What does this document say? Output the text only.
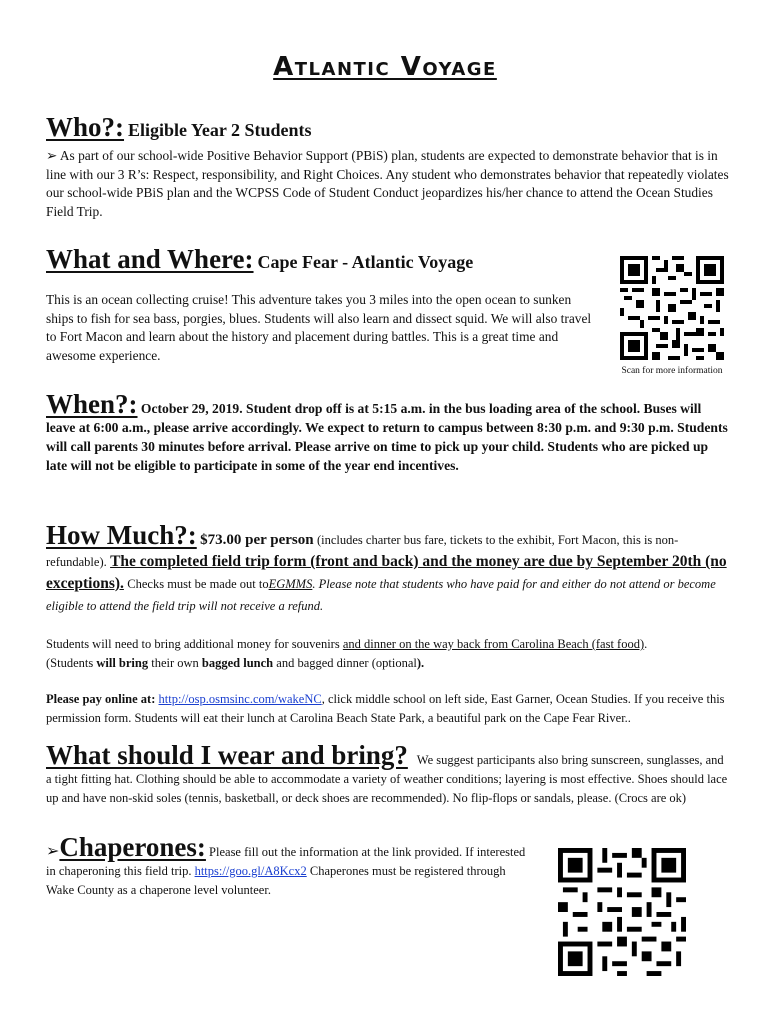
Atlantic Voyage
Who?: Eligible Year 2 Students
➢ As part of our school-wide Positive Behavior Support (PBiS) plan, students are expected to demonstrate behavior that is in line with our 3 R’s: Respect, responsibility, and Right Choices. Any student who demonstrates behavior that repeatedly violates our school-wide PBiS plan and the WCPSS Code of Student Conduct jeopardizes his/her chance to attend the Ocean Studies Field Trip.
What and Where: Cape Fear - Atlantic Voyage
This is an ocean collecting cruise! This adventure takes you 3 miles into the open ocean to sunken ships to fish for sea bass, porgies, blues. Students will also learn and dissect squid. We will also travel to Fort Macon and learn about the history and placement during battles. This is a great time and awesome experience.
Scan for more information
When?: October 29, 2019. Student drop off is at 5:15 a.m. in the bus loading area of the school. Buses will leave at 6:00 a.m., please arrive accordingly. We expect to return to campus between 8:30 p.m. and 9:30 p.m. Students will call parents 30 minutes before arrival. Please arrive on time to pick up your child. Students who are picked up late will not be eligible to participate in some of the year end incentives.
How Much?: $73.00 per person (includes charter bus fare, tickets to the exhibit, Fort Macon, this is non-refundable). The completed field trip form (front and back) and the money are due by September 20th (no exceptions). Checks must be made out toEGMMS. Please note that students who have paid for and either do not attend or become eligible to attend the field trip will not receive a refund.
Students will need to bring additional money for souvenirs and dinner on the way back from Carolina Beach (fast food).
(Students will bring their own bagged lunch and bagged dinner (optional).
Please pay online at: http://osp.osmsinc.com/wakeNC, click middle school on left side, East Garner, Ocean Studies. If you receive this permission form. Students will eat their lunch at Carolina Beach State Park, a beautiful park on the Cape Fear River..
What should I wear and bring? We suggest participants also bring sunscreen, sunglasses, and a tight fitting hat. Clothing should be able to accommodate a variety of weather conditions; layering is most effective. Shoes should lace up and have non-skid soles (tennis, basketball, or deck shoes are recommended). No flip-flops or sandals, please. (Crocs are ok)
➢Chaperones: Please fill out the information at the link provided. If interested in chaperoning this field trip. https://goo.gl/A8Kcx2 Chaperones must be registered through Wake County as a chaperone level volunteer.
